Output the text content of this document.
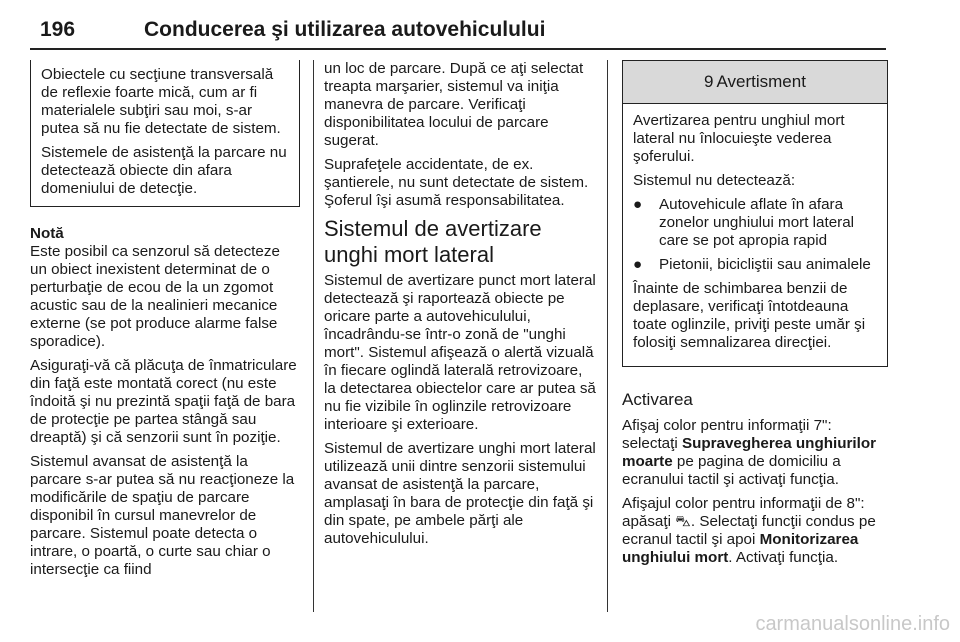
196	Conducerea şi utilizarea autovehiculului

Obiectele cu secţiune transversală de reflexie foarte mică, cum ar fi materialele subţiri sau moi, s-ar putea să nu fie detectate de sistem.

Sistemele de asistenţă la parcare nu detectează obiecte din afara domeniului de detecţie.

Notă

Este posibil ca senzorul să detecteze un obiect inexistent determinat de o perturbaţie de ecou de la un zgomot acustic sau de la nealinieri mecanice externe (se pot produce alarme false sporadice).

Asiguraţi-vă că plăcuţa de înmatriculare din faţă este montată corect (nu este îndoită şi nu prezintă spaţii faţă de bara de protecţie pe partea stângă sau dreaptă) şi că senzorii sunt în poziţie.

Sistemul avansat de asistenţă la parcare s-ar putea să nu reacţioneze la modificările de spaţiu de parcare disponibil în cursul manevrelor de parcare. Sistemul poate detecta o intrare, o poartă, o curte sau chiar o intersecţie ca fiind

un loc de parcare. După ce aţi selectat treapta marşarier, sistemul va iniţia manevra de parcare. Verificaţi disponibilitatea locului de parcare sugerat.

Suprafeţele accidentate, de ex. şantierele, nu sunt detectate de sistem. Şoferul îşi asumă responsabilitatea.

Sistemul de avertizare unghi mort lateral

Sistemul de avertizare punct mort lateral detectează şi raportează obiecte pe oricare parte a autovehiculului, încadrându-se într-o zonă de "unghi mort". Sistemul afişează o alertă vizuală în fiecare oglindă laterală retrovizoare, la detectarea obiectelor care ar putea să nu fie vizibile în oglinzile retrovizoare interioare şi exterioare.

Sistemul de avertizare unghi mort lateral utilizează unii dintre senzorii sistemului avansat de asistenţă la parcare, amplasaţi în bara de protecţie din faţă şi din spate, pe ambele părţi ale autovehiculului.

9 Avertisment

Avertizarea pentru unghiul mort lateral nu înlocuieşte vederea şoferului.

Sistemul nu detectează:

● Autovehicule aflate în afara zonelor unghiului mort lateral care se pot apropia rapid
● Pietonii, bicicliştii sau animalele

Înainte de schimbarea benzii de deplasare, verificaţi întotdeauna toate oglinzile, priviţi peste umăr şi folosiţi semnalizarea direcţiei.

Activarea

Afişaj color pentru informaţii 7": selectaţi Supravegherea unghiurilor moarte pe pagina de domiciliu a ecranului tactil şi activaţi funcţia.

Afişajul color pentru informaţii de 8": apăsaţi ⛍. Selectaţi funcţii condus pe ecranul tactil şi apoi Monitorizarea unghiului mort. Activaţi funcţia.

carmanualsonline.info
